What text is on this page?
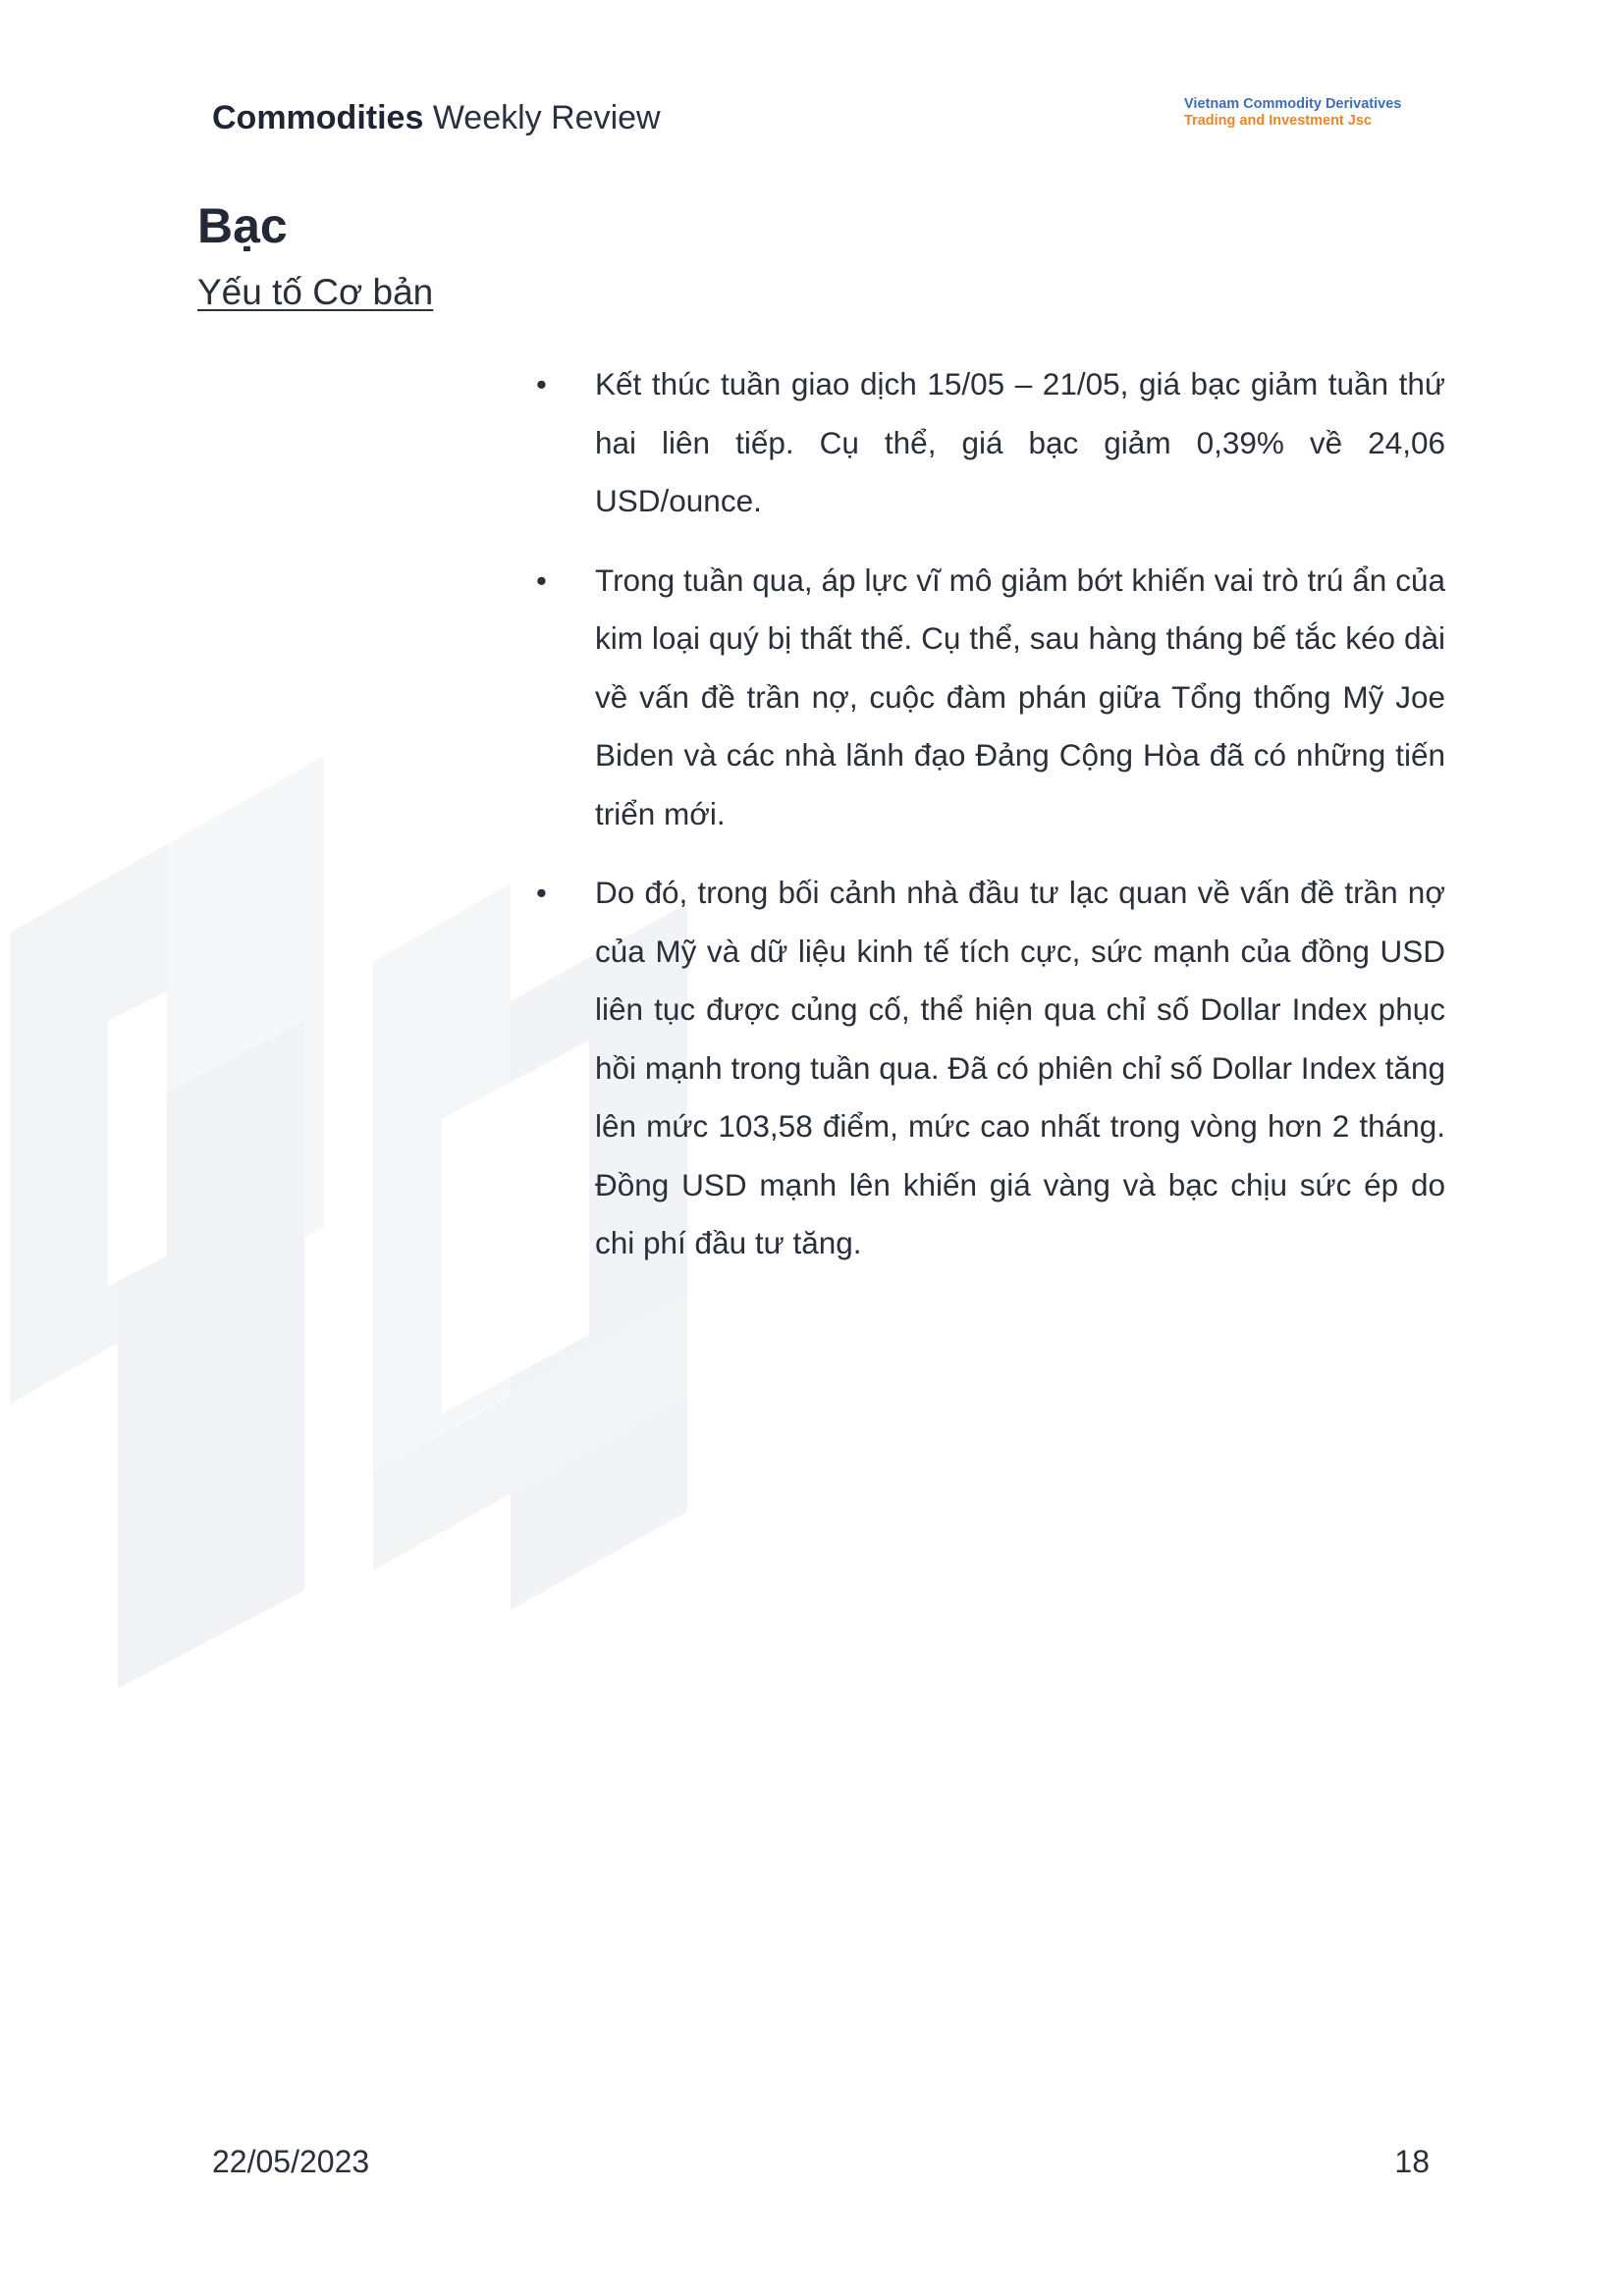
Commodities Weekly Review	Vietnam Commodity Derivatives
Trading and Investment Jsc
Bạc
Yếu tố Cơ bản
• Kết thúc tuần giao dịch 15/05 – 21/05, giá bạc giảm tuần thứ hai liên tiếp. Cụ thể, giá bạc giảm 0,39% về 24,06 USD/ounce.
• Trong tuần qua, áp lực vĩ mô giảm bớt khiến vai trò trú ẩn của kim loại quý bị thất thế. Cụ thể, sau hàng tháng bế tắc kéo dài về vấn đề trần nợ, cuộc đàm phán giữa Tổng thống Mỹ Joe Biden và các nhà lãnh đạo Đảng Cộng Hòa đã có những tiến triển mới.
• Do đó, trong bối cảnh nhà đầu tư lạc quan về vấn đề trần nợ của Mỹ và dữ liệu kinh tế tích cực, sức mạnh của đồng USD liên tục được củng cố, thể hiện qua chỉ số Dollar Index phục hồi mạnh trong tuần qua. Đã có phiên chỉ số Dollar Index tăng lên mức 103,58 điểm, mức cao nhất trong vòng hơn 2 tháng. Đồng USD mạnh lên khiến giá vàng và bạc chịu sức ép do chi phí đầu tư tăng.
22/05/2023	18
